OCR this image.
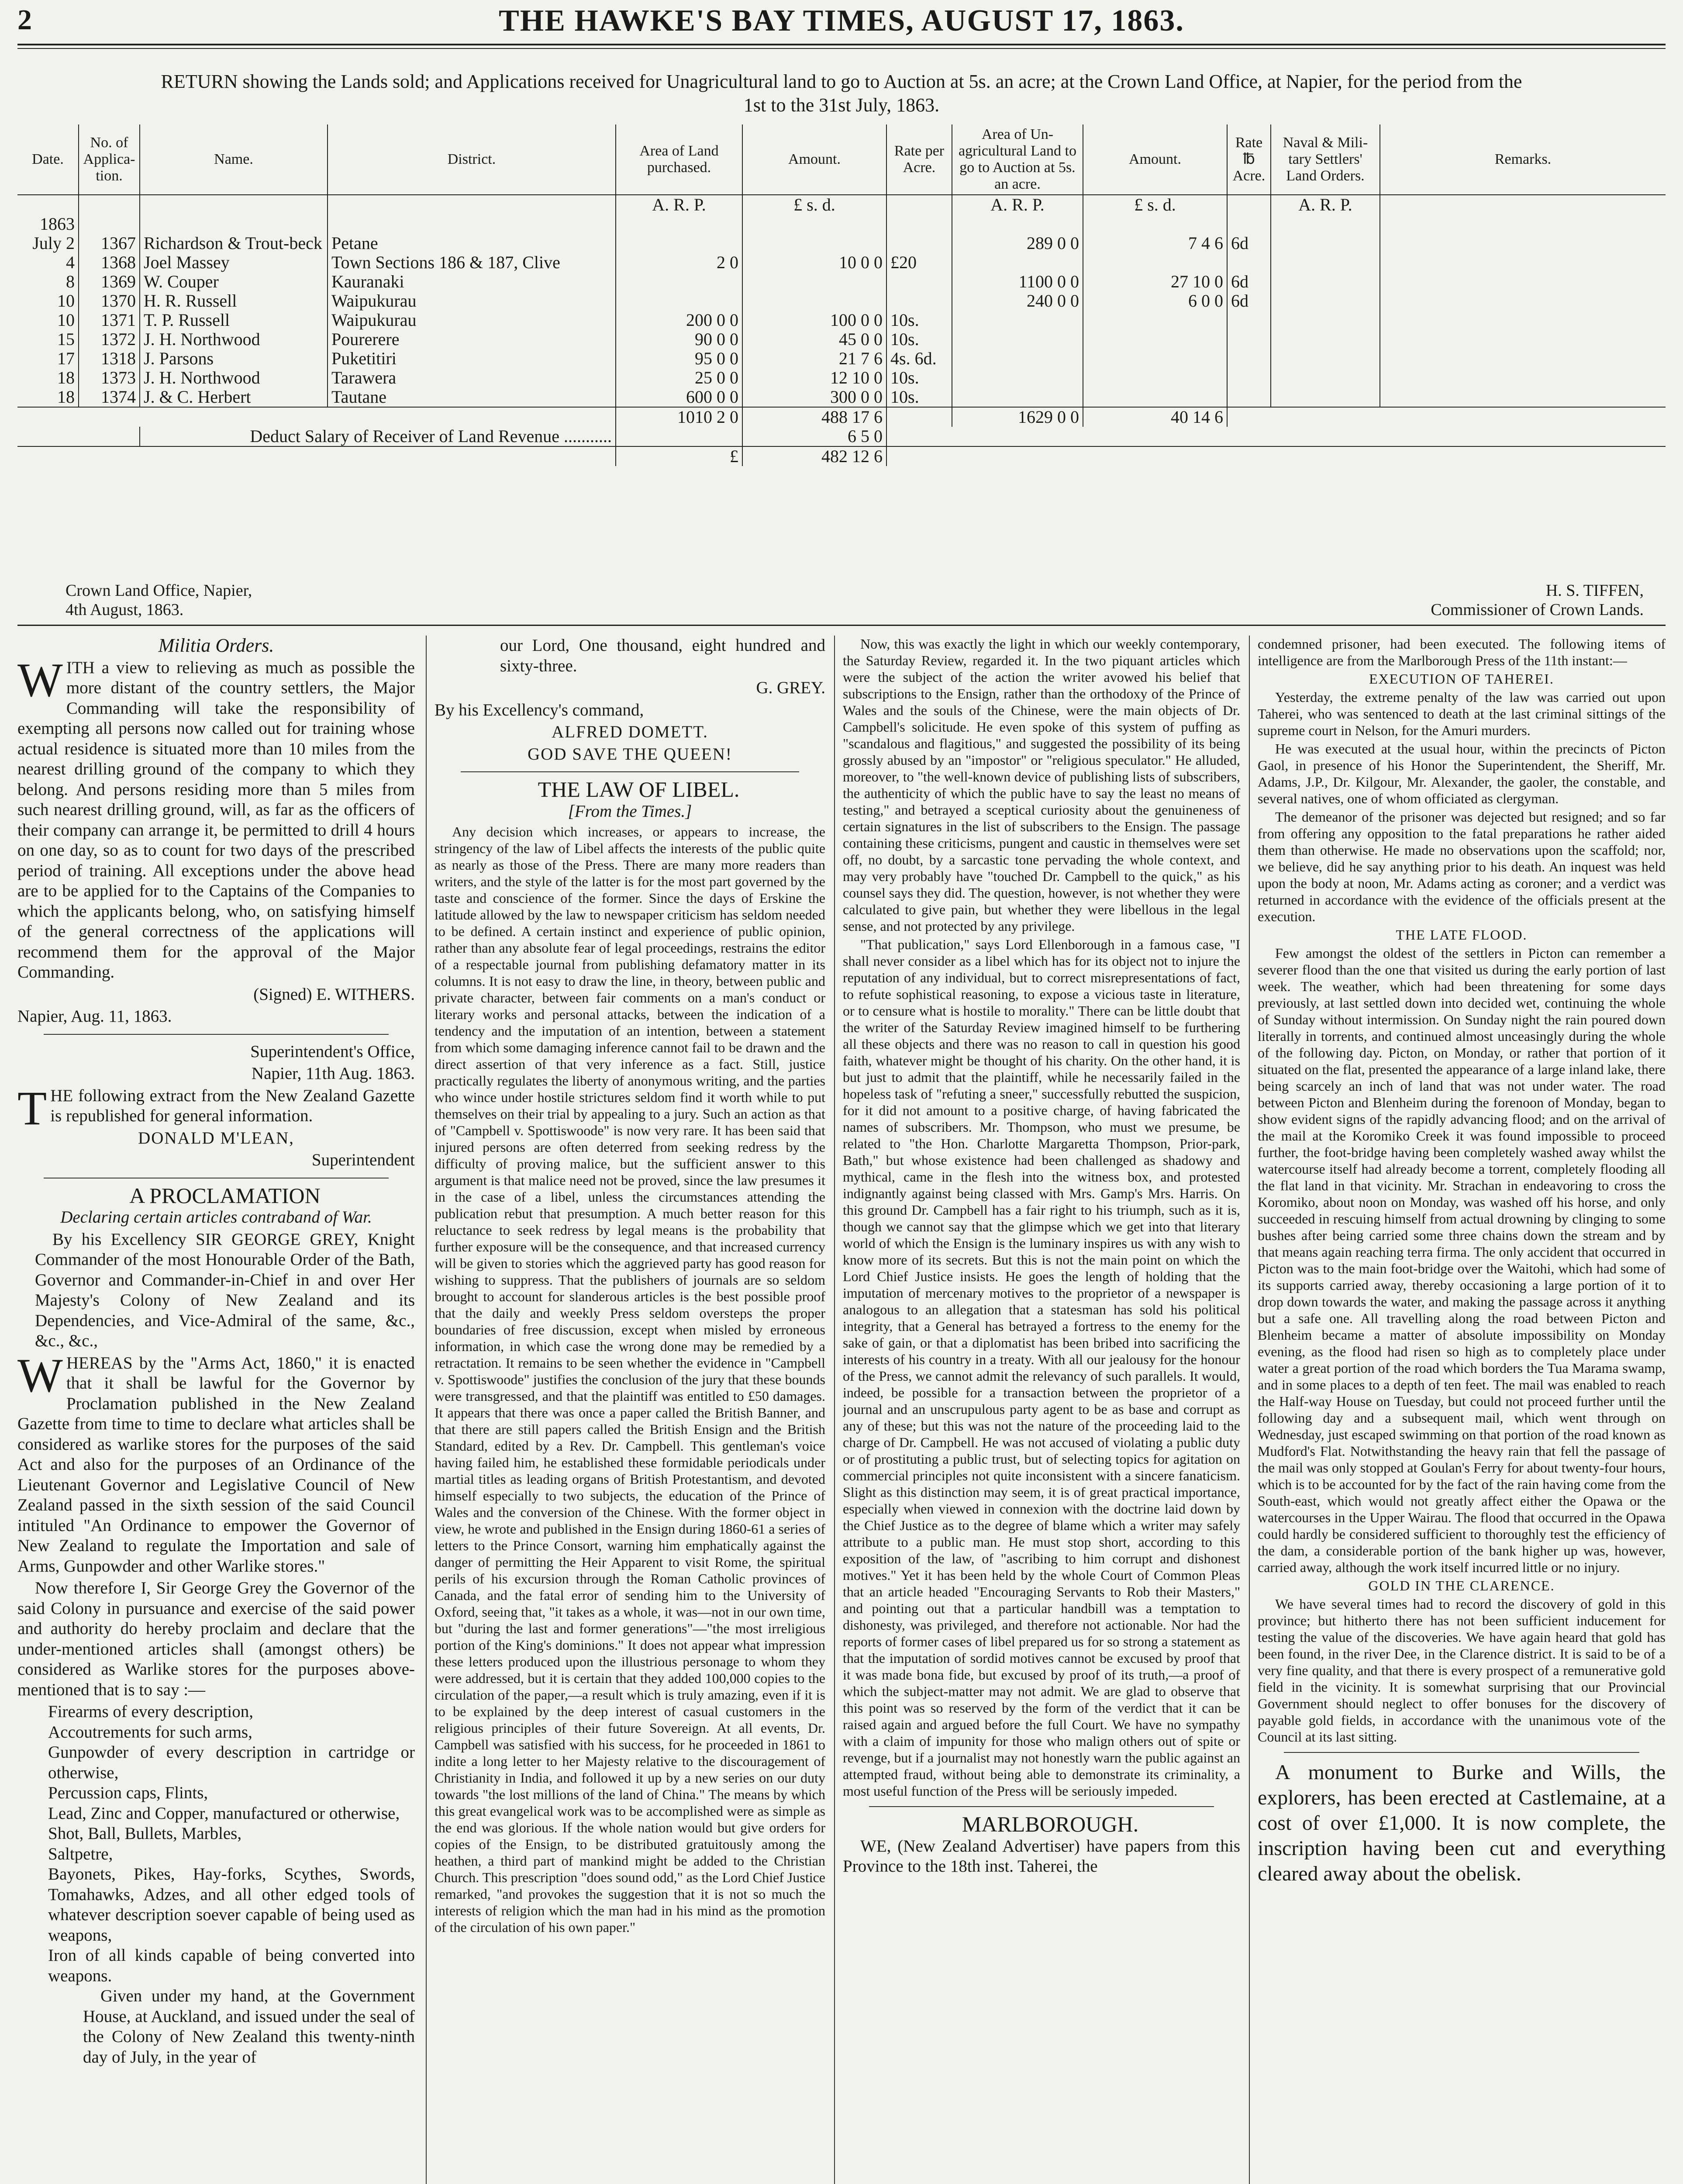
2	THE HAWKE'S BAY TIMES, AUGUST 17, 1863.
RETURN showing the Lands sold; and Applications received for Unagricultural land to go to Auction at 5s. an acre; at the Crown Land Office, at Napier, for the period from the
1st to the 31st July, 1863.
Date.	No. of Applica-tion.	Name.	District.	Area of Land purchased.	Amount.	Rate per Acre.	Area of Un-agricultural Land to go to Auction at 5s. an acre.	Amount.	Rate ℔ Acre.	Naval & Mili-tary Settlers' Land Orders.	Remarks.
				A. R. P.	£ s. d.		A. R. P.	£ s. d.		A. R. P.	
1863											
July 2	1367	Richardson & Trout-beck	Petane				289 0 0	7 4 6	6d		
4	1368	Joel Massey	Town Sections 186 & 187, Clive	2 0	10 0 0	£20					
8	1369	W. Couper	Kauranaki				1100 0 0	27 10 0	6d		
10	1370	H. R. Russell	Waipukurau				240 0 0	6 0 0	6d		
10	1371	T. P. Russell	Waipukurau	200 0 0	100 0 0	10s.					
15	1372	J. H. Northwood	Pourerere	90 0 0	45 0 0	10s.					
17	1318	J. Parsons	Puketitiri	95 0 0	21 7 6	4s. 6d.					
18	1373	J. H. Northwood	Tarawera	25 0 0	12 10 0	10s.					
18	1374	J. & C. Herbert	Tautane	600 0 0	300 0 0	10s.					
				1010 2 0	488 17 6		1629 0 0	40 14 6			
		Deduct Salary of Receiver of Land Revenue ...........			6 5 0						
				£	482 12 6						
Crown Land Office, Napier,
4th August, 1863.
H. S. TIFFEN,
Commissioner of Crown Lands.

Militia Orders.

WITH a view to relieving as much as possible the more distant of the country settlers, the Major Commanding will take the responsibility of exempting all persons now called out for training whose actual residence is situated more than 10 miles from the nearest drilling ground of the company to which they belong. And persons residing more than 5 miles from such nearest drilling ground, will, as far as the officers of their company can arrange it, be permitted to drill 4 hours on one day, so as to count for two days of the prescribed period of training. All exceptions under the above head are to be applied for to the Captains of the Companies to which the applicants belong, who, on satisfying himself of the general correctness of the applications will recommend them for the approval of the Major Commanding.

(Signed) E. WITHERS.

Napier, Aug. 11, 1863.

Superintendent's Office,

Napier, 11th Aug. 1863.

THE following extract from the New Zealand Gazette is republished for general information.

DONALD M'LEAN,

Superintendent

A PROCLAMATION

Declaring certain articles contraband of War.

By his Excellency SIR GEORGE GREY, Knight Commander of the most Honourable Order of the Bath, Governor and Commander-in-Chief in and over Her Majesty's Colony of New Zealand and its Dependencies, and Vice-Admiral of the same, &c., &c., &c.,

WHEREAS by the "Arms Act, 1860," it is enacted that it shall be lawful for the Governor by Proclamation published in the New Zealand Gazette from time to time to declare what articles shall be considered as warlike stores for the purposes of the said Act and also for the purposes of an Ordinance of the Lieutenant Governor and Legislative Council of New Zealand passed in the sixth session of the said Council intituled "An Ordinance to empower the Governor of New Zealand to regulate the Importation and sale of Arms, Gunpowder and other Warlike stores."

Now therefore I, Sir George Grey the Governor of the said Colony in pursuance and exercise of the said power and authority do hereby proclaim and declare that the under-mentioned articles shall (amongst others) be considered as Warlike stores for the purposes above-mentioned that is to say :—

Firearms of every description,

Accoutrements for such arms,

Gunpowder of every description in cartridge or otherwise,

Percussion caps, Flints,

Lead, Zinc and Copper, manufactured or otherwise,

Shot, Ball, Bullets, Marbles,

Saltpetre,

Bayonets, Pikes, Hay-forks, Scythes, Swords, Tomahawks, Adzes, and all other edged tools of whatever description soever capable of being used as weapons,

Iron of all kinds capable of being converted into weapons.

Given under my hand, at the Government House, at Auckland, and issued under the seal of the Colony of New Zealand this twenty-ninth day of July, in the year of

our Lord, One thousand, eight hundred and sixty-three.

G. GREY.

By his Excellency's command,

ALFRED DOMETT.

GOD SAVE THE QUEEN!

THE LAW OF LIBEL.

[From the Times.]

Any decision which increases, or appears to increase, the stringency of the law of Libel affects the interests of the public quite as nearly as those of the Press. There are many more readers than writers, and the style of the latter is for the most part governed by the taste and conscience of the former. Since the days of Erskine the latitude allowed by the law to newspaper criticism has seldom needed to be defined. A certain instinct and experience of public opinion, rather than any absolute fear of legal proceedings, restrains the editor of a respectable journal from publishing defamatory matter in its columns. It is not easy to draw the line, in theory, between public and private character, between fair comments on a man's conduct or literary works and personal attacks, between the indication of a tendency and the imputation of an intention, between a statement from which some damaging inference cannot fail to be drawn and the direct assertion of that very inference as a fact. Still, justice practically regulates the liberty of anonymous writing, and the parties who wince under hostile strictures seldom find it worth while to put themselves on their trial by appealing to a jury. Such an action as that of "Campbell v. Spottiswoode" is now very rare. It has been said that injured persons are often deterred from seeking redress by the difficulty of proving malice, but the sufficient answer to this argument is that malice need not be proved, since the law presumes it in the case of a libel, unless the circumstances attending the publication rebut that presumption. A much better reason for this reluctance to seek redress by legal means is the probability that further exposure will be the consequence, and that increased currency will be given to stories which the aggrieved party has good reason for wishing to suppress. That the publishers of journals are so seldom brought to account for slanderous articles is the best possible proof that the daily and weekly Press seldom oversteps the proper boundaries of free discussion, except when misled by erroneous information, in which case the wrong done may be remedied by a retractation. It remains to be seen whether the evidence in "Campbell v. Spottiswoode" justifies the conclusion of the jury that these bounds were transgressed, and that the plaintiff was entitled to £50 damages. It appears that there was once a paper called the British Banner, and that there are still papers called the British Ensign and the British Standard, edited by a Rev. Dr. Campbell. This gentleman's voice having failed him, he established these formidable periodicals under martial titles as leading organs of British Protestantism, and devoted himself especially to two subjects, the education of the Prince of Wales and the conversion of the Chinese. With the former object in view, he wrote and published in the Ensign during 1860-61 a series of letters to the Prince Consort, warning him emphatically against the danger of permitting the Heir Apparent to visit Rome, the spiritual perils of his excursion through the Roman Catholic provinces of Canada, and the fatal error of sending him to the University of Oxford, seeing that, "it takes as a whole, it was—not in our own time, but "during the last and former generations"—"the most irreligious portion of the King's dominions." It does not appear what impression these letters produced upon the illustrious personage to whom they were addressed, but it is certain that they added 100,000 copies to the circulation of the paper,—a result which is truly amazing, even if it is to be explained by the deep interest of casual customers in the religious principles of their future Sovereign. At all events, Dr. Campbell was satisfied with his success, for he proceeded in 1861 to indite a long letter to her Majesty relative to the discouragement of Christianity in India, and followed it up by a new series on our duty towards "the lost millions of the land of China." The means by which this great evangelical work was to be accomplished were as simple as the end was glorious. If the whole nation would but give orders for copies of the Ensign, to be distributed gratuitously among the heathen, a third part of mankind might be added to the Christian Church. This prescription "does sound odd," as the Lord Chief Justice remarked, "and provokes the suggestion that it is not so much the interests of religion which the man had in his mind as the promotion of the circulation of his own paper."

Now, this was exactly the light in which our weekly contemporary, the Saturday Review, regarded it. In the two piquant articles which were the subject of the action the writer avowed his belief that subscriptions to the Ensign, rather than the orthodoxy of the Prince of Wales and the souls of the Chinese, were the main objects of Dr. Campbell's solicitude. He even spoke of this system of puffing as "scandalous and flagitious," and suggested the possibility of its being grossly abused by an "impostor" or "religious speculator." He alluded, moreover, to "the well-known device of publishing lists of subscribers, the authenticity of which the public have to say the least no means of testing," and betrayed a sceptical curiosity about the genuineness of certain signatures in the list of subscribers to the Ensign. The passage containing these criticisms, pungent and caustic in themselves were set off, no doubt, by a sarcastic tone pervading the whole context, and may very probably have "touched Dr. Campbell to the quick," as his counsel says they did. The question, however, is not whether they were calculated to give pain, but whether they were libellous in the legal sense, and not protected by any privilege.

"That publication," says Lord Ellenborough in a famous case, "I shall never consider as a libel which has for its object not to injure the reputation of any individual, but to correct misrepresentations of fact, to refute sophistical reasoning, to expose a vicious taste in literature, or to censure what is hostile to morality." There can be little doubt that the writer of the Saturday Review imagined himself to be furthering all these objects and there was no reason to call in question his good faith, whatever might be thought of his charity. On the other hand, it is but just to admit that the plaintiff, while he necessarily failed in the hopeless task of "refuting a sneer," successfully rebutted the suspicion, for it did not amount to a positive charge, of having fabricated the names of subscribers. Mr. Thompson, who must we presume, be related to "the Hon. Charlotte Margaretta Thompson, Prior-park, Bath," but whose existence had been challenged as shadowy and mythical, came in the flesh into the witness box, and protested indignantly against being classed with Mrs. Gamp's Mrs. Harris. On this ground Dr. Campbell has a fair right to his triumph, such as it is, though we cannot say that the glimpse which we get into that literary world of which the Ensign is the luminary inspires us with any wish to know more of its secrets. But this is not the main point on which the Lord Chief Justice insists. He goes the length of holding that the imputation of mercenary motives to the proprietor of a newspaper is analogous to an allegation that a statesman has sold his political integrity, that a General has betrayed a fortress to the enemy for the sake of gain, or that a diplomatist has been bribed into sacrificing the interests of his country in a treaty. With all our jealousy for the honour of the Press, we cannot admit the relevancy of such parallels. It would, indeed, be possible for a transaction between the proprietor of a journal and an unscrupulous party agent to be as base and corrupt as any of these; but this was not the nature of the proceeding laid to the charge of Dr. Campbell. He was not accused of violating a public duty or of prostituting a public trust, but of selecting topics for agitation on commercial principles not quite inconsistent with a sincere fanaticism. Slight as this distinction may seem, it is of great practical importance, especially when viewed in connexion with the doctrine laid down by the Chief Justice as to the degree of blame which a writer may safely attribute to a public man. He must stop short, according to this exposition of the law, of "ascribing to him corrupt and dishonest motives." Yet it has been held by the whole Court of Common Pleas that an article headed "Encouraging Servants to Rob their Masters," and pointing out that a particular handbill was a temptation to dishonesty, was privileged, and therefore not actionable. Nor had the reports of former cases of libel prepared us for so strong a statement as that the imputation of sordid motives cannot be excused by proof that it was made bona fide, but excused by proof of its truth,—a proof of which the subject-matter may not admit. We are glad to observe that this point was so reserved by the form of the verdict that it can be raised again and argued before the full Court. We have no sympathy with a claim of impunity for those who malign others out of spite or revenge, but if a journalist may not honestly warn the public against an attempted fraud, without being able to demonstrate its criminality, a most useful function of the Press will be seriously impeded.

MARLBOROUGH.

WE, (New Zealand Advertiser) have papers from this Province to the 18th inst. Taherei, the

condemned prisoner, had been executed. The following items of intelligence are from the Marlborough Press of the 11th instant:—

EXECUTION OF TAHEREI.

Yesterday, the extreme penalty of the law was carried out upon Taherei, who was sentenced to death at the last criminal sittings of the supreme court in Nelson, for the Amuri murders.

He was executed at the usual hour, within the precincts of Picton Gaol, in presence of his Honor the Superintendent, the Sheriff, Mr. Adams, J.P., Dr. Kilgour, Mr. Alexander, the gaoler, the constable, and several natives, one of whom officiated as clergyman.

The demeanor of the prisoner was dejected but resigned; and so far from offering any opposition to the fatal preparations he rather aided them than otherwise. He made no observations upon the scaffold; nor, we believe, did he say anything prior to his death. An inquest was held upon the body at noon, Mr. Adams acting as coroner; and a verdict was returned in accordance with the evidence of the officials present at the execution.

THE LATE FLOOD.

Few amongst the oldest of the settlers in Picton can remember a severer flood than the one that visited us during the early portion of last week. The weather, which had been threatening for some days previously, at last settled down into decided wet, continuing the whole of Sunday without intermission. On Sunday night the rain poured down literally in torrents, and continued almost unceasingly during the whole of the following day. Picton, on Monday, or rather that portion of it situated on the flat, presented the appearance of a large inland lake, there being scarcely an inch of land that was not under water. The road between Picton and Blenheim during the forenoon of Monday, began to show evident signs of the rapidly advancing flood; and on the arrival of the mail at the Koromiko Creek it was found impossible to proceed further, the foot-bridge having been completely washed away whilst the watercourse itself had already become a torrent, completely flooding all the flat land in that vicinity. Mr. Strachan in endeavoring to cross the Koromiko, about noon on Monday, was washed off his horse, and only succeeded in rescuing himself from actual drowning by clinging to some bushes after being carried some three chains down the stream and by that means again reaching terra firma. The only accident that occurred in Picton was to the main foot-bridge over the Waitohi, which had some of its supports carried away, thereby occasioning a large portion of it to drop down towards the water, and making the passage across it anything but a safe one. All travelling along the road between Picton and Blenheim became a matter of absolute impossibility on Monday evening, as the flood had risen so high as to completely place under water a great portion of the road which borders the Tua Marama swamp, and in some places to a depth of ten feet. The mail was enabled to reach the Half-way House on Tuesday, but could not proceed further until the following day and a subsequent mail, which went through on Wednesday, just escaped swimming on that portion of the road known as Mudford's Flat. Notwithstanding the heavy rain that fell the passage of the mail was only stopped at Goulan's Ferry for about twenty-four hours, which is to be accounted for by the fact of the rain having come from the South-east, which would not greatly affect either the Opawa or the watercourses in the Upper Wairau. The flood that occurred in the Opawa could hardly be considered sufficient to thoroughly test the efficiency of the dam, a considerable portion of the bank higher up was, however, carried away, although the work itself incurred little or no injury.

GOLD IN THE CLARENCE.

We have several times had to record the discovery of gold in this province; but hitherto there has not been sufficient inducement for testing the value of the discoveries. We have again heard that gold has been found, in the river Dee, in the Clarence district. It is said to be of a very fine quality, and that there is every prospect of a remunerative gold field in the vicinity. It is somewhat surprising that our Provincial Government should neglect to offer bonuses for the discovery of payable gold fields, in accordance with the unanimous vote of the Council at its last sitting.

A monument to Burke and Wills, the explorers, has been erected at Castlemaine, at a cost of over £1,000. It is now complete, the inscription having been cut and everything cleared away about the obelisk.
